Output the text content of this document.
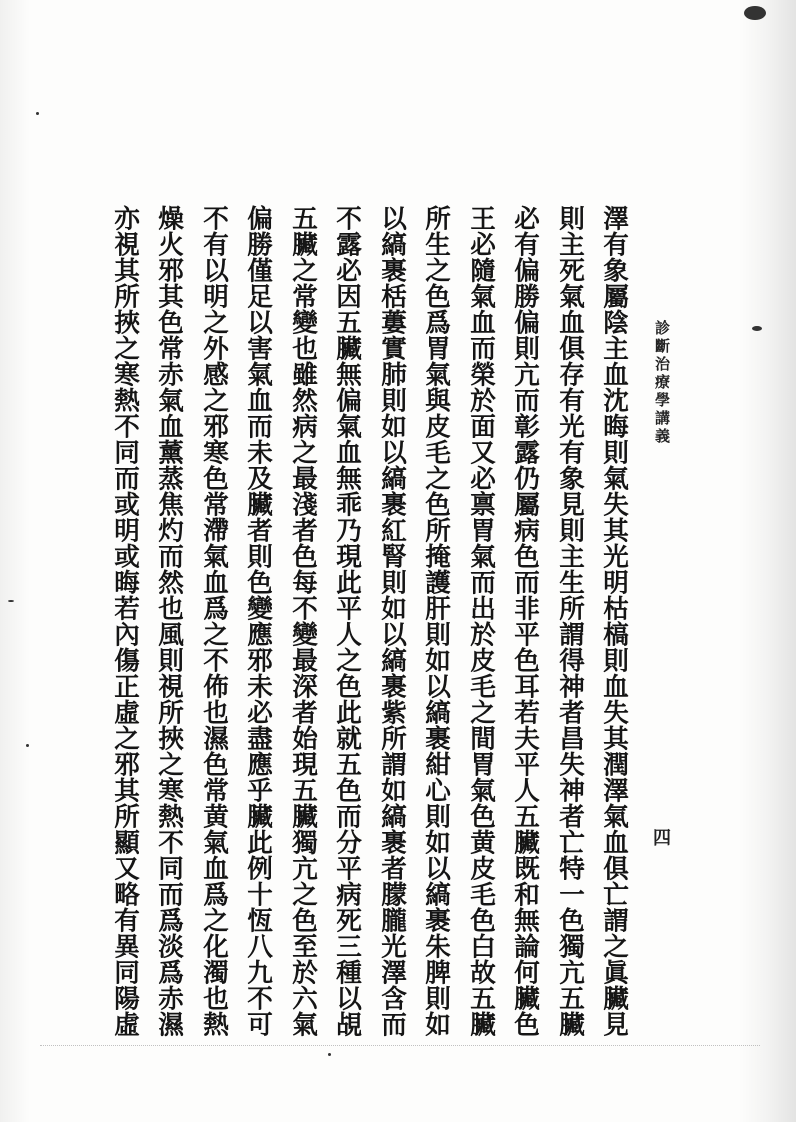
診斷治療學講義
四
澤有象屬陰主血沈晦則氣失其光明枯槁則血失其潤澤氣血俱亡謂之眞臟見
則主死氣血俱存有光有象見則主生所謂得神者昌失神者亡特一色獨亢五臟
必有偏勝偏則亢而彰露仍屬病色而非平色耳若夫平人五臟既和無論何臟色
王必隨氣血而榮於面又必禀胃氣而出於皮毛之間胃氣色黄皮毛色白故五臟
所生之色爲胃氣與皮毛之色所掩護肝則如以縞裹紺心則如以縞裹朱脾則如
以縞裹栝蔞實肺則如以縞裹紅腎則如以縞裹紫所謂如縞裹者朦朧光澤含而
不露必因五臟無偏氣血無乖乃現此平人之色此就五色而分平病死三種以覘
五臟之常變也雖然病之最淺者色每不變最深者始現五臟獨亢之色至於六氣
偏勝僅足以害氣血而未及臟者則色變應邪未必盡應乎臟此例十恆八九不可
不有以明之外感之邪寒色常滯氣血爲之不佈也濕色常黄氣血爲之化濁也熱
燥火邪其色常赤氣血薰蒸焦灼而然也風則視所挾之寒熱不同而爲淡爲赤濕
亦視其所挾之寒熱不同而或明或晦若內傷正虛之邪其所顯又略有異同陽虛
